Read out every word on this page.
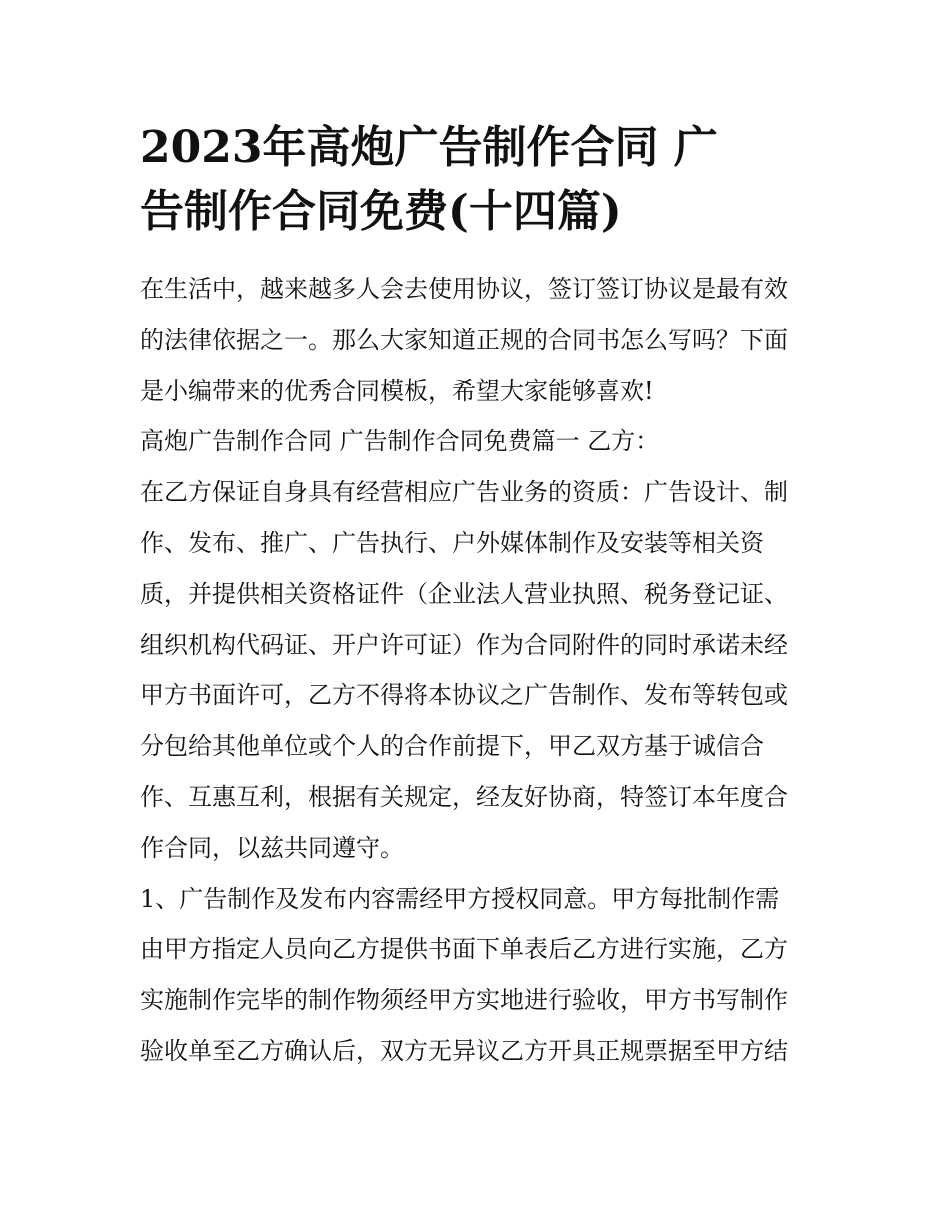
2023年高炮广告制作合同 广
告制作合同免费(十四篇)
在生活中，越来越多人会去使用协议，签订签订协议是最有效
的法律依据之一。那么大家知道正规的合同书怎么写吗？下面
是小编带来的优秀合同模板，希望大家能够喜欢!
高炮广告制作合同 广告制作合同免费篇一 乙方：
在乙方保证自身具有经营相应广告业务的资质：广告设计、制
作、发布、推广、广告执行、户外媒体制作及安装等相关资
质，并提供相关资格证件（企业法人营业执照、税务登记证、
组织机构代码证、开户许可证）作为合同附件的同时承诺未经
甲方书面许可，乙方不得将本协议之广告制作、发布等转包或
分包给其他单位或个人的合作前提下，甲乙双方基于诚信合
作、互惠互利，根据有关规定，经友好协商，特签订本年度合
作合同，以兹共同遵守。
1、广告制作及发布内容需经甲方授权同意。甲方每批制作需
由甲方指定人员向乙方提供书面下单表后乙方进行实施，乙方
实施制作完毕的制作物须经甲方实地进行验收，甲方书写制作
验收单至乙方确认后，双方无异议乙方开具正规票据至甲方结
